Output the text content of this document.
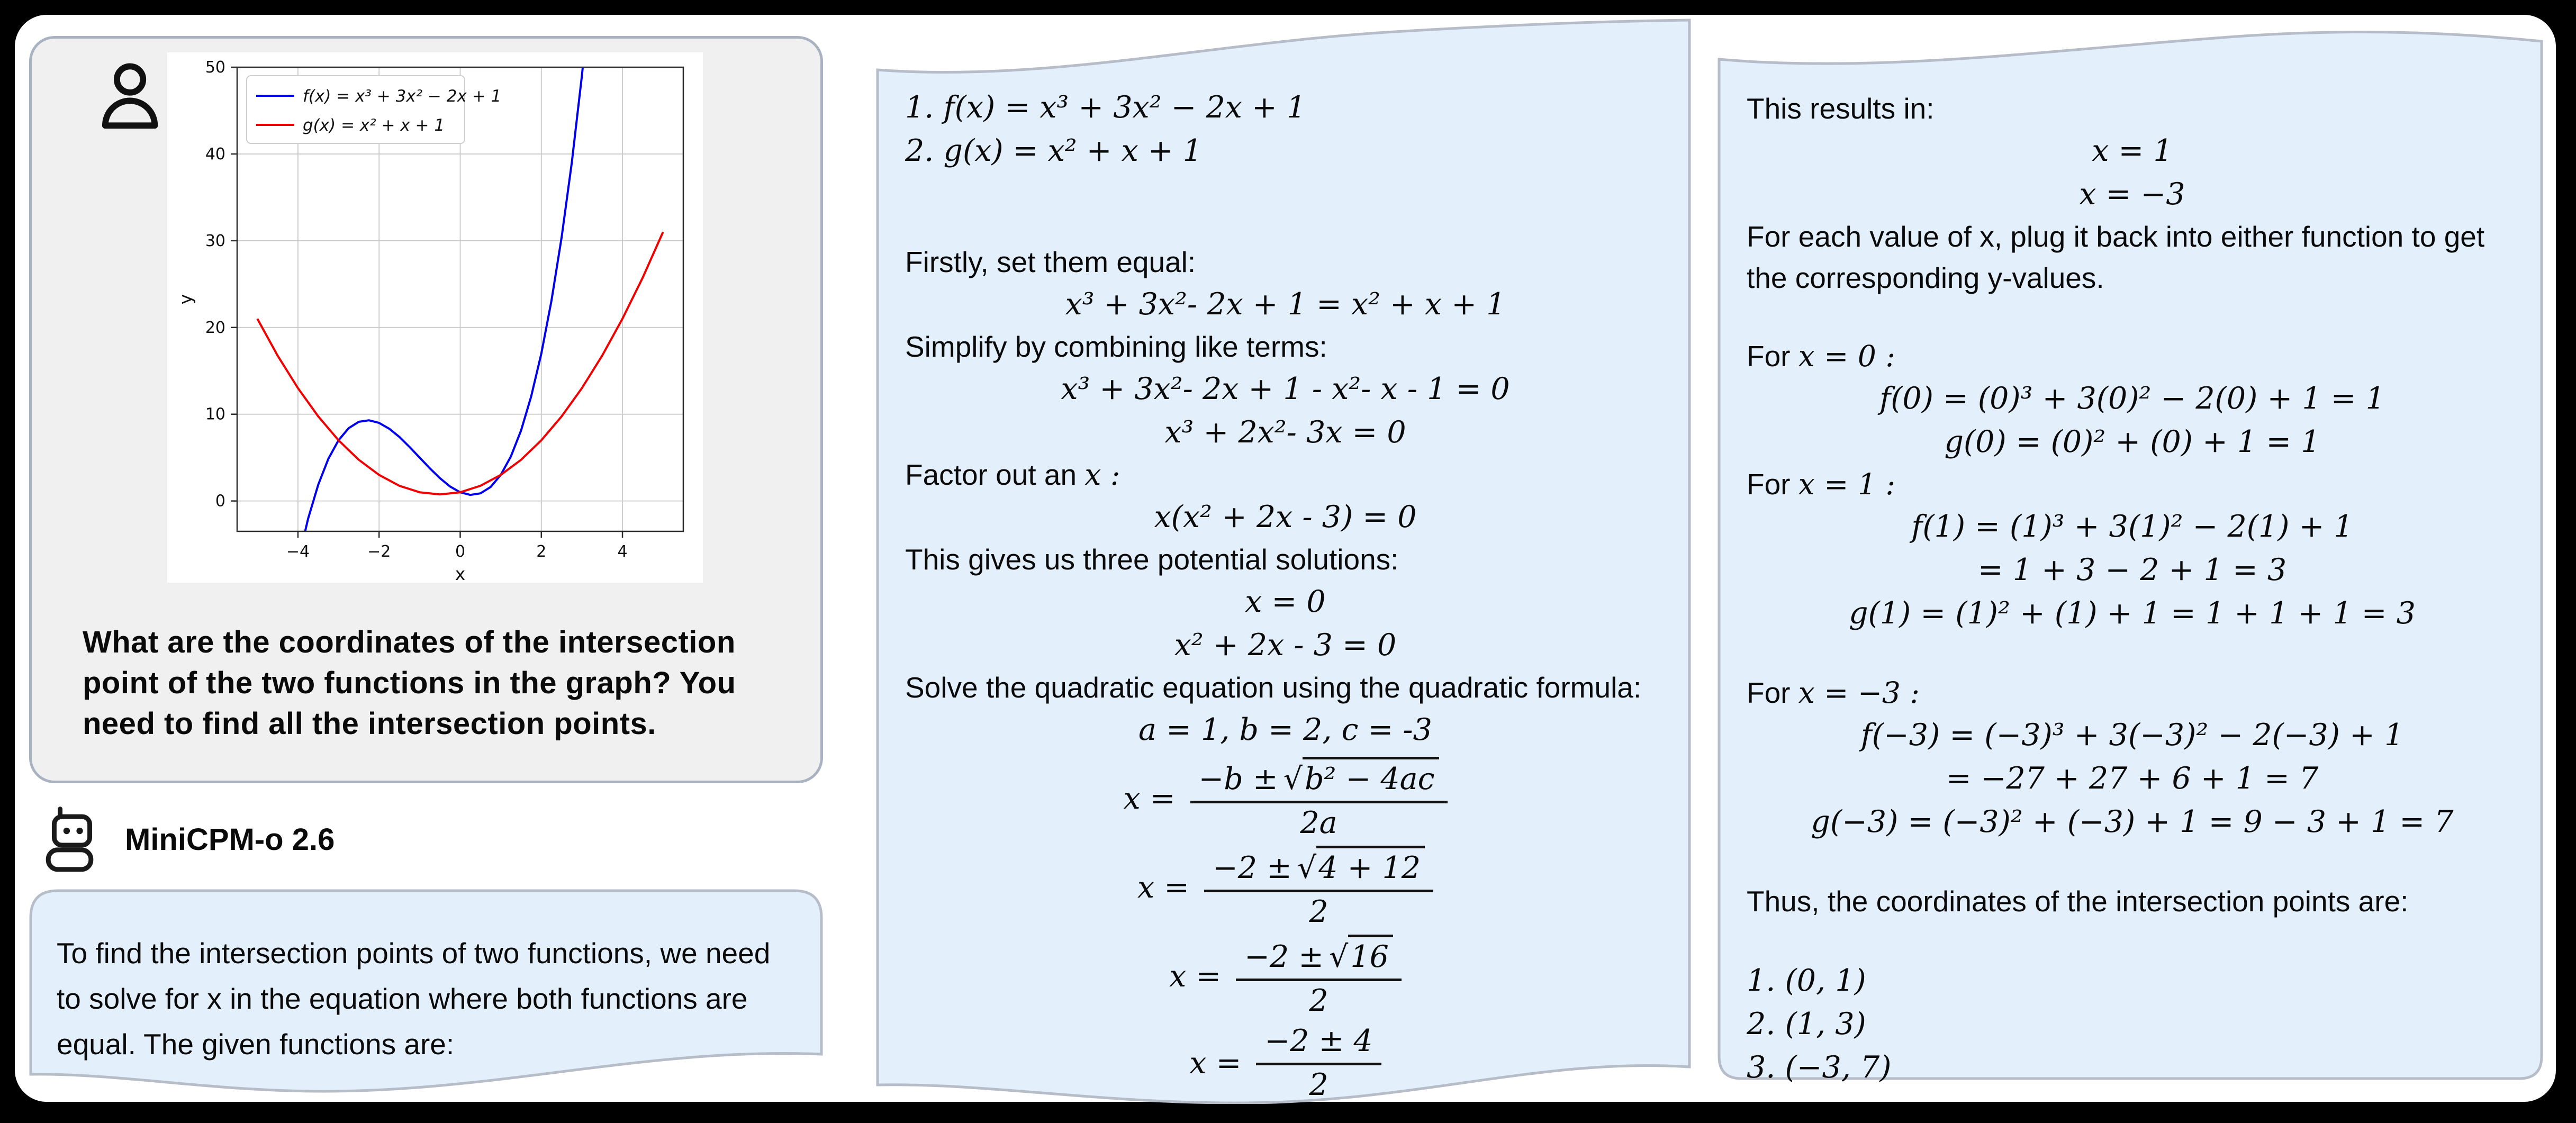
−4	−2	0	2	4
0
10
20
30
40
50
x
y
f(x) = x³ + 3x² − 2x + 1
g(x) = x² + x + 1
What are the coordinates of the intersection point of the two functions in the graph? You need to find all the intersection points.
MiniCPM-o 2.6
To find the intersection points of two functions, we need to solve for x in the equation where both functions are equal. The given functions are:
1. f(x) = x³ + 3x² − 2x + 1
2. g(x) = x² + x + 1
Firstly, set them equal:
x³ + 3x²- 2x + 1 = x² + x + 1
Simplify by combining like terms:
x³ + 3x²- 2x + 1 - x²- x - 1 = 0
x³ + 2x²- 3x = 0
Factor out an x :
x(x² + 2x - 3) = 0
This gives us three potential solutions:
x = 0
x² + 2x - 3 = 0
Solve the quadratic equation using the quadratic formula:
a = 1, b = 2, c = -3
$x = \frac{\text{−b ± √ b² − 4ac}}{2a}$
$x = \frac{-2 \pm √ 4 + 12}{2}$
$x = \frac{-2 \pm √ 16}{2}$
$x = \frac{-2 \pm 4}{2}$
This results in:
x = 1
x = −3
For each value of x, plug it back into either function to get the corresponding y-values.
For x = 0 :
f(0) = (0)³ + 3(0)² − 2(0) + 1 = 1
g(0) = (0)² + (0) + 1 = 1
For x = 1 :
f(1) = (1)³ + 3(1)² − 2(1) + 1
= 1 + 3 − 2 + 1 = 3
g(1) = (1)² + (1) + 1 = 1 + 1 + 1 = 3
For x = −3 :
f(−3) = (−3)³ + 3(−3)² − 2(−3) + 1
= −27 + 27 + 6 + 1 = 7
g(−3) = (−3)² + (−3) + 1 = 9 − 3 + 1 = 7
Thus, the coordinates of the intersection points are:
1. (0, 1)
2. (1, 3)
3. (−3, 7)
